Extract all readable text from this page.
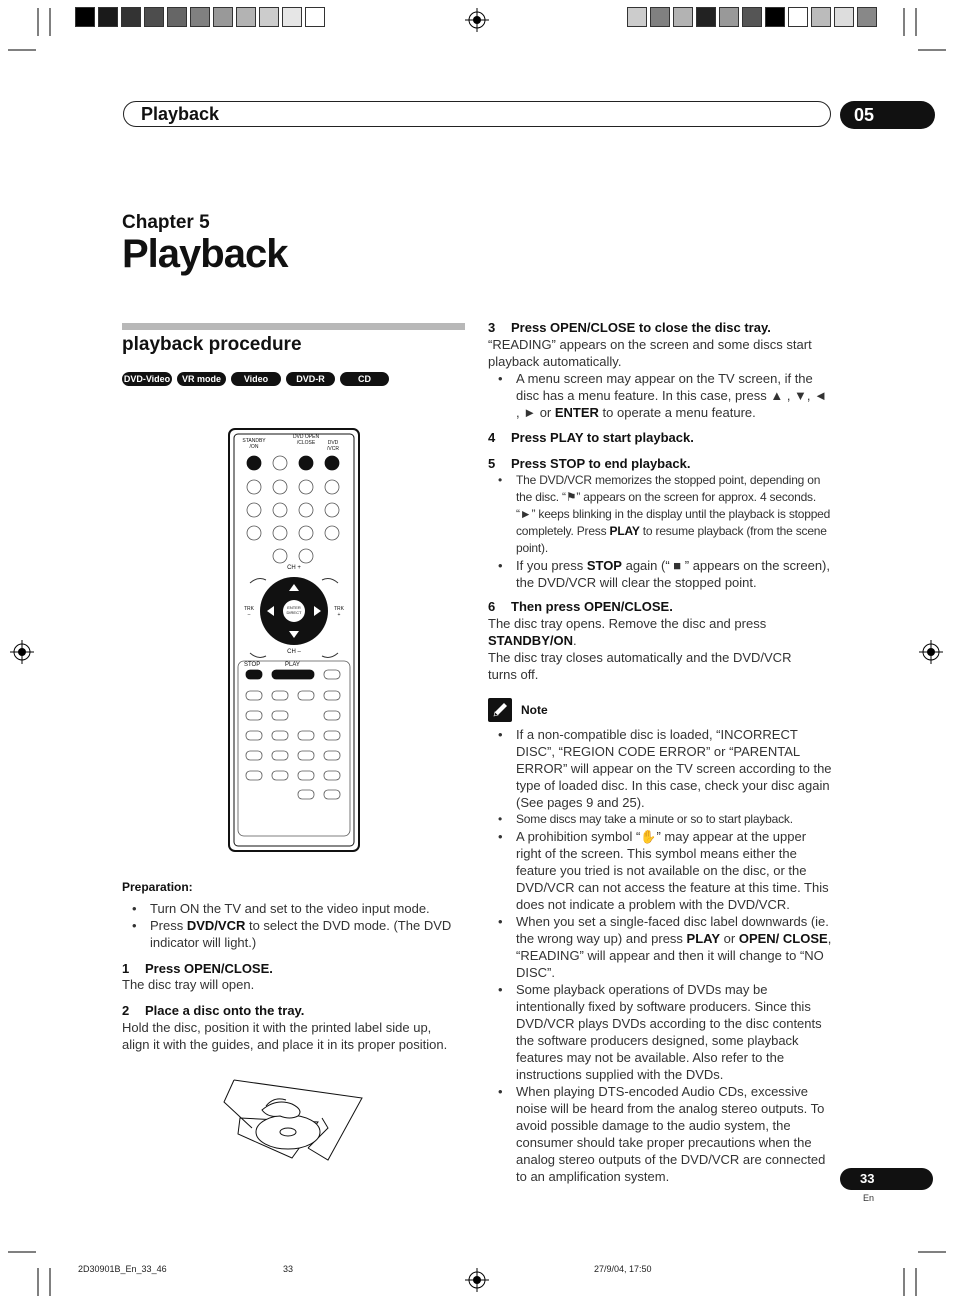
Playback	05
Chapter 5
Playback
playback procedure
DVD-Video	VR mode	Video mode
DVD-R	CD
STANDBY /ON
DVD OPEN /CLOSE	DVD /VCR
CH +
CH –
TRK –
TRK +
ENTER DIRECT
STOP	PLAY
Preparation:
• Turn ON the TV and set to the video input mode.
• Press DVD/VCR to select the DVD mode. (The DVD indicator will light.)
1 Press OPEN/CLOSE.
The disc tray will open.
2 Place a disc onto the tray.
Hold the disc, position it with the printed label side up, align it with the guides, and place it in its proper position.
3 Press OPEN/CLOSE to close the disc tray.
“READING” appears on the screen and some discs start playback automatically.
• A menu screen may appear on the TV screen, if the disc has a menu feature. In this case, press ▲ , ▼, ◄ , ► or ENTER to operate a menu feature.
4 Press PLAY to start playback.
5 Press STOP to end playback.
• The DVD/VCR memorizes the stopped point, depending on the disc. “⚑” appears on the screen for approx. 4 seconds. “►” keeps blinking in the display until the playback is stopped completely. Press PLAY to resume playback (from the scene point).
• If you press STOP again (“ ■ ” appears on the screen), the DVD/VCR will clear the stopped point.
6 Then press OPEN/CLOSE.
The disc tray opens. Remove the disc and press STANDBY/ON.
The disc tray closes automatically and the DVD/VCR turns off.
Note
• If a non-compatible disc is loaded, “INCORRECT DISC”, “REGION CODE ERROR” or “PARENTAL ERROR” will appear on the TV screen according to the type of loaded disc. In this case, check your disc again (See pages 9 and 25).
• Some discs may take a minute or so to start playback.
• A prohibition symbol “✋” may appear at the upper right of the screen. This symbol means either the feature you tried is not available on the disc, or the DVD/VCR can not access the feature at this time. This does not indicate a problem with the DVD/VCR.
• When you set a single-faced disc label downwards (ie. the wrong way up) and press PLAY or OPEN/ CLOSE, “READING” will appear and then it will change to “NO DISC”.
• Some playback operations of DVDs may be intentionally fixed by software producers. Since this DVD/VCR plays DVDs according to the disc contents the software producers designed, some playback features may not be available. Also refer to the instructions supplied with the DVDs.
• When playing DTS-encoded Audio CDs, excessive noise will be heard from the analog stereo outputs. To avoid possible damage to the audio system, the consumer should take proper precautions when the analog stereo outputs of the DVD/VCR are connected to an amplification system.	33
En
2D30901B_En_33_46	33	27/9/04, 17:50
